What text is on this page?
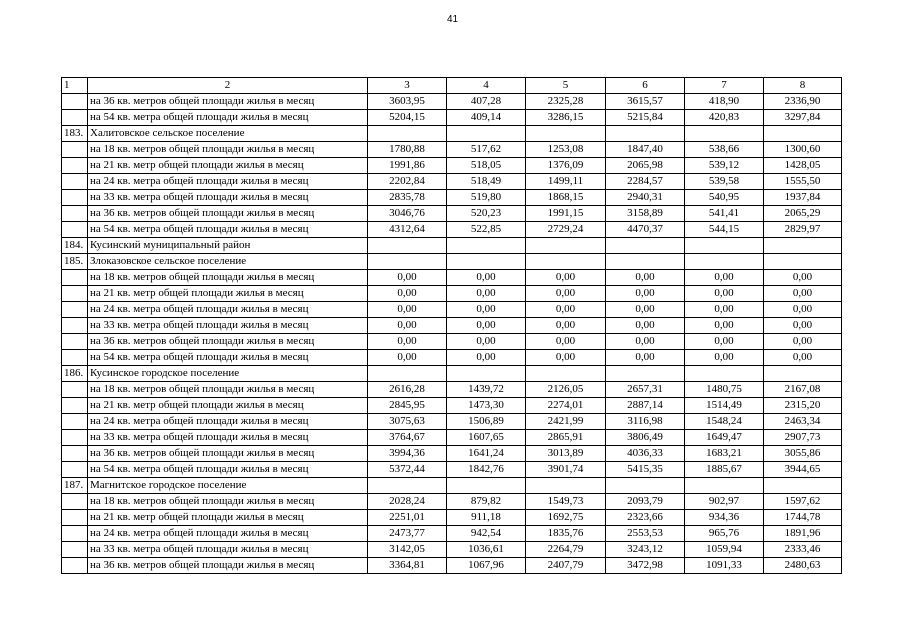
41
1	2	3	4	5	6	7	8
	на 36 кв. метров общей площади жилья в месяц	3603,95	407,28	2325,28	3615,57	418,90	2336,90
	на 54 кв. метра общей площади жилья в месяц	5204,15	409,14	3286,15	5215,84	420,83	3297,84
183.	Халитовское сельское поселение						
	на 18 кв. метров общей площади жилья в месяц	1780,88	517,62	1253,08	1847,40	538,66	1300,60
	на 21 кв. метр общей площади жилья в месяц	1991,86	518,05	1376,09	2065,98	539,12	1428,05
	на 24 кв. метра общей площади жилья в месяц	2202,84	518,49	1499,11	2284,57	539,58	1555,50
	на 33 кв. метра общей площади жилья в месяц	2835,78	519,80	1868,15	2940,31	540,95	1937,84
	на 36 кв. метров общей площади жилья в месяц	3046,76	520,23	1991,15	3158,89	541,41	2065,29
	на 54 кв. метра общей площади жилья в месяц	4312,64	522,85	2729,24	4470,37	544,15	2829,97
184.	Кусинский муниципальный район						
185.	Злоказовское сельское поселение						
	на 18 кв. метров общей площади жилья в месяц	0,00	0,00	0,00	0,00	0,00	0,00
	на 21 кв. метр общей площади жилья в месяц	0,00	0,00	0,00	0,00	0,00	0,00
	на 24 кв. метра общей площади жилья в месяц	0,00	0,00	0,00	0,00	0,00	0,00
	на 33 кв. метра общей площади жилья в месяц	0,00	0,00	0,00	0,00	0,00	0,00
	на 36 кв. метров общей площади жилья в месяц	0,00	0,00	0,00	0,00	0,00	0,00
	на 54 кв. метра общей площади жилья в месяц	0,00	0,00	0,00	0,00	0,00	0,00
186.	Кусинское городское поселение						
	на 18 кв. метров общей площади жилья в месяц	2616,28	1439,72	2126,05	2657,31	1480,75	2167,08
	на 21 кв. метр общей площади жилья в месяц	2845,95	1473,30	2274,01	2887,14	1514,49	2315,20
	на 24 кв. метра общей площади жилья в месяц	3075,63	1506,89	2421,99	3116,98	1548,24	2463,34
	на 33 кв. метра общей площади жилья в месяц	3764,67	1607,65	2865,91	3806,49	1649,47	2907,73
	на 36 кв. метров общей площади жилья в месяц	3994,36	1641,24	3013,89	4036,33	1683,21	3055,86
	на 54 кв. метра общей площади жилья в месяц	5372,44	1842,76	3901,74	5415,35	1885,67	3944,65
187.	Магнитское городское поселение						
	на 18 кв. метров общей площади жилья в месяц	2028,24	879,82	1549,73	2093,79	902,97	1597,62
	на 21 кв. метр общей площади жилья в месяц	2251,01	911,18	1692,75	2323,66	934,36	1744,78
	на 24 кв. метра общей площади жилья в месяц	2473,77	942,54	1835,76	2553,53	965,76	1891,96
	на 33 кв. метра общей площади жилья в месяц	3142,05	1036,61	2264,79	3243,12	1059,94	2333,46
	на 36 кв. метров общей площади жилья в месяц	3364,81	1067,96	2407,79	3472,98	1091,33	2480,63
